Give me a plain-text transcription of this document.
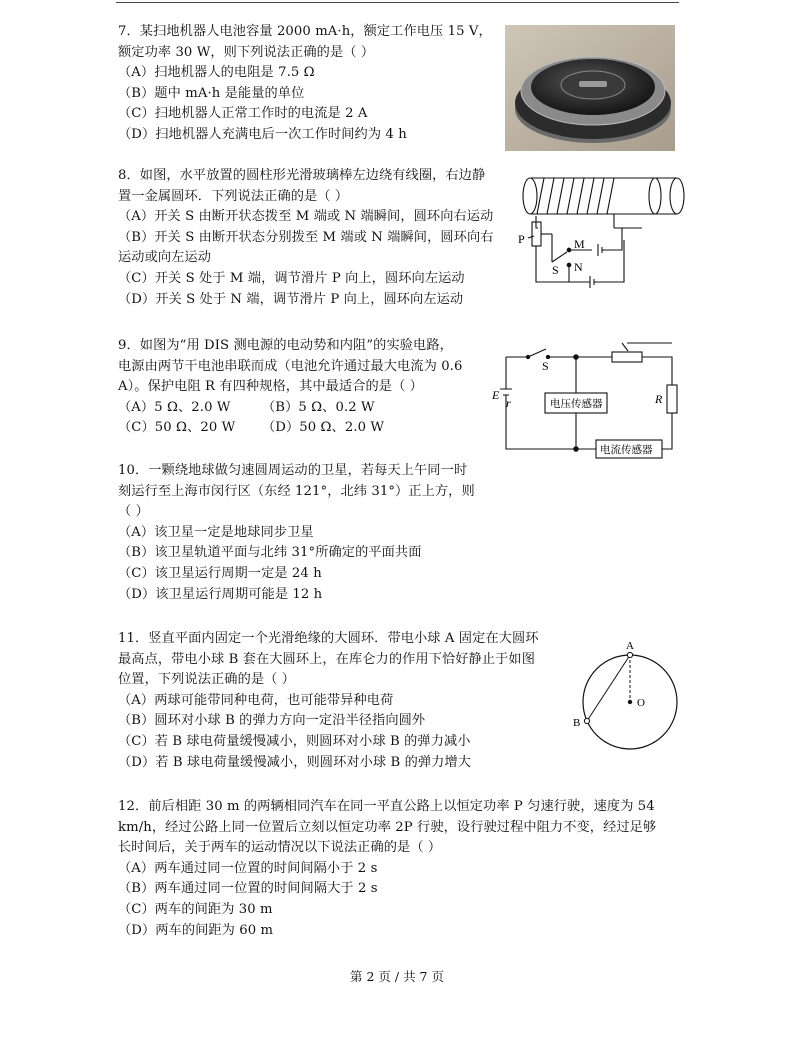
7．某扫地机器人电池容量 2000 mA·h，额定工作电压 15 V，

额定功率 30 W，则下列说法正确的是（ ）

（A）扫地机器人的电阻是 7.5 Ω

（B）题中 mA·h 是能量的单位

（C）扫地机器人正常工作时的电流是 2 A

（D）扫地机器人充满电后一次工作时间约为 4 h

8．如图，水平放置的圆柱形光滑玻璃棒左边绕有线圈，右边静

置一金属圆环．下列说法正确的是（ ）

（A）开关 S 由断开状态拨至 M 端或 N 端瞬间，圆环向右运动

（B）开关 S 由断开状态分别拨至 M 端或 N 端瞬间，圆环向右

运动或向左运动

（C）开关 S 处于 M 端，调节滑片 P 向上，圆环向左运动

（D）开关 S 处于 N 端，调节滑片 P 向上，圆环向左运动

P	M
S N

9．如图为“用 DIS 测电源的电动势和内阻”的实验电路，

电源由两节干电池串联而成（电池允许通过最大电流为 0.6

A）。保护电阻 R 有四种规格，其中最适合的是（ ）

（A）5 Ω、2.0 W	（B）5 Ω、0.2 W

（C）50 Ω、20 W	（D）50 Ω、2.0 W

S
E
r	R
电压传感器
电流传感器

10．一颗绕地球做匀速圆周运动的卫星，若每天上午同一时

刻运行至上海市闵行区（东经 121°，北纬 31°）正上方，则

（ ）

（A）该卫星一定是地球同步卫星

（B）该卫星轨道平面与北纬 31°所确定的平面共面

（C）该卫星运行周期一定是 24 h

（D）该卫星运行周期可能是 12 h

11．竖直平面内固定一个光滑绝缘的大圆环．带电小球 A 固定在大圆环

最高点，带电小球 B 套在大圆环上，在库仑力的作用下恰好静止于如图

位置，下列说法正确的是（ ）

（A）两球可能带同种电荷，也可能带异种电荷

（B）圆环对小球 B 的弹力方向一定沿半径指向圆外

（C）若 B 球电荷量缓慢减小，则圆环对小球 B 的弹力减小

（D）若 B 球电荷量缓慢减小，则圆环对小球 B 的弹力增大

A
B
O

12．前后相距 30 m 的两辆相同汽车在同一平直公路上以恒定功率 P 匀速行驶，速度为 54

km/h，经过公路上同一位置后立刻以恒定功率 2P 行驶，设行驶过程中阻力不变，经过足够

长时间后，关于两车的运动情况以下说法正确的是（ ）

（A）两车通过同一位置的时间间隔小于 2 s

（B）两车通过同一位置的时间间隔大于 2 s

（C）两车的间距为 30 m

（D）两车的间距为 60 m

第 2 页 / 共 7 页
